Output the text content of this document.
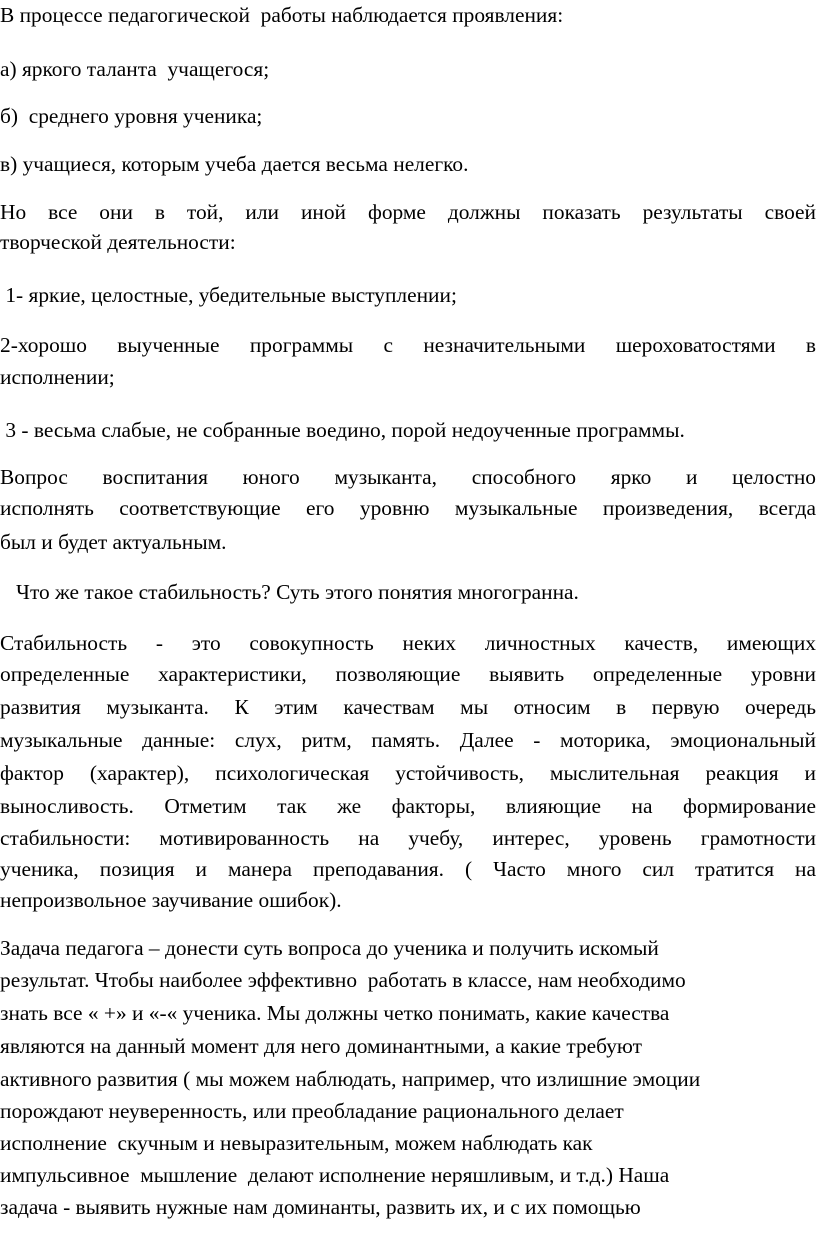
В процессе педагогической  работы наблюдается проявления:
а) яркого таланта  учащегося;
б)  среднего уровня ученика;
в) учащиеся, которым учеба дается весьма нелегко.
Но все они в той, или иной форме должны показать результаты своей
творческой деятельности:
1- яркие, целостные, убедительные выступлении;
2-хорошо выученные программы с незначительными шероховатостями в
исполнении;
3 - весьма слабые, не собранные воедино, порой недоученные программы.
Вопрос воспитания юного музыканта, способного ярко и целостно
исполнять соответствующие его уровню музыкальные произведения, всегда
был и будет актуальным.
Что же такое стабильность? Суть этого понятия многогранна.
Стабильность - это совокупность неких личностных качеств, имеющих
определенные характеристики, позволяющие выявить определенные уровни
развития музыканта. К этим качествам мы относим в первую очередь
музыкальные данные: слух, ритм, память. Далее - моторика, эмоциональный
фактор (характер), психологическая устойчивость, мыслительная реакция и
выносливость. Отметим так же факторы, влияющие на формирование
стабильности: мотивированность на учебу, интерес, уровень грамотности
ученика, позиция и манера преподавания. ( Часто много сил тратится на
непроизвольное заучивание ошибок).
Задача педагога – донести суть вопроса до ученика и получить искомый
результат. Чтобы наиболее эффективно  работать в классе, нам необходимо
знать все « +» и «-« ученика. Мы должны четко понимать, какие качества
являются на данный момент для него доминантными, а какие требуют
активного развития ( мы можем наблюдать, например, что излишние эмоции
порождают неуверенность, или преобладание рационального делает
исполнение  скучным и невыразительным, можем наблюдать как
импульсивное  мышление  делают исполнение неряшливым, и т.д.) Наша
задача - выявить нужные нам доминанты, развить их, и с их помощью
